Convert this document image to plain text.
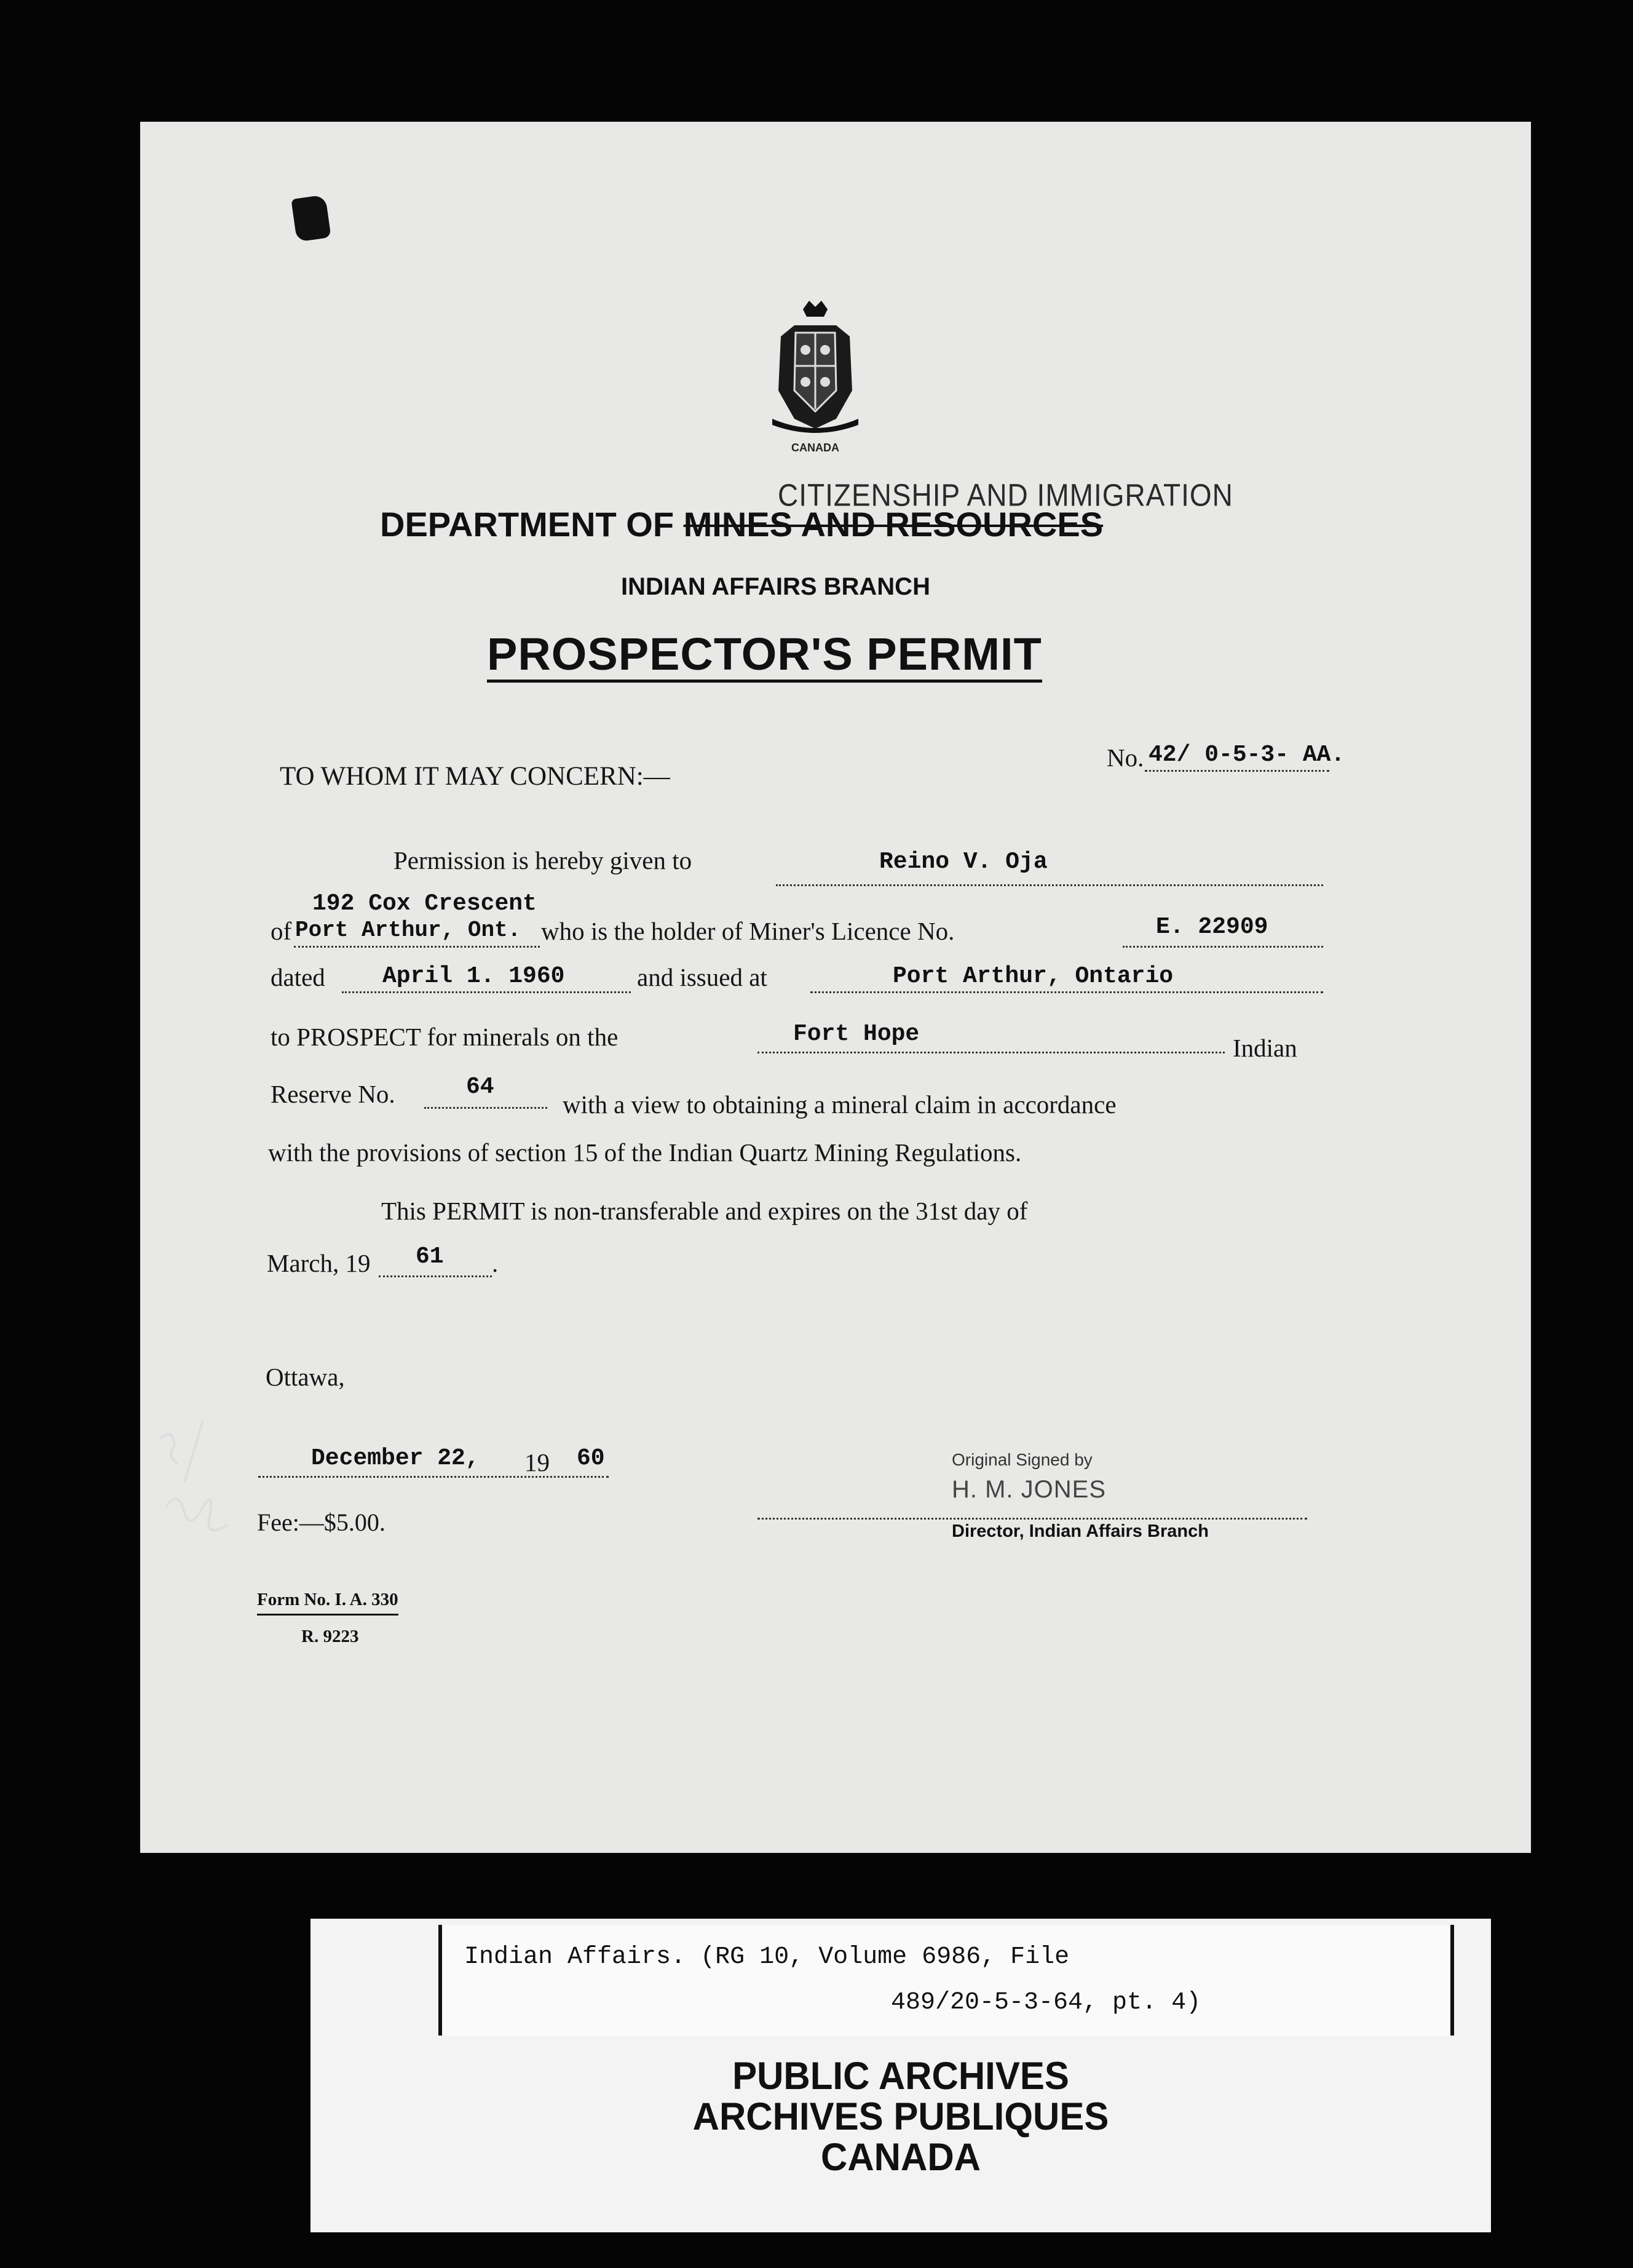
CANADA
CITIZENSHIP AND IMMIGRATION
DEPARTMENT OF MINES AND RESOURCES
INDIAN AFFAIRS BRANCH
PROSPECTOR'S PERMIT
No. 42/ 0-5-3- AA.
TO WHOM IT MAY CONCERN:—
Permission is hereby given to	Reino V. Oja
192 Cox Crescent
of Port Arthur, Ont. who is the holder of Miner's Licence No.	E. 22909
dated April 1. 1960	and issued at	Port Arthur, Ontario
to PROSPECT for minerals on the	Fort Hope	Indian
Reserve No.	64
with a view to obtaining a mineral claim in accordance
with the provisions of section 15 of the Indian Quartz Mining Regulations.
This PERMIT is non-transferable and expires on the 31st day of
March, 19 61 .
Ottawa,
December 22, 19 60
Fee:—$5.00.
Original Signed by
H. M. JONES
Director, Indian Affairs Branch
Form No. I. A. 330
R. 9223
Indian Affairs. (RG 10, Volume 6986, File
489/20-5-3-64, pt. 4)
PUBLIC ARCHIVES
ARCHIVES PUBLIQUES
CANADA
